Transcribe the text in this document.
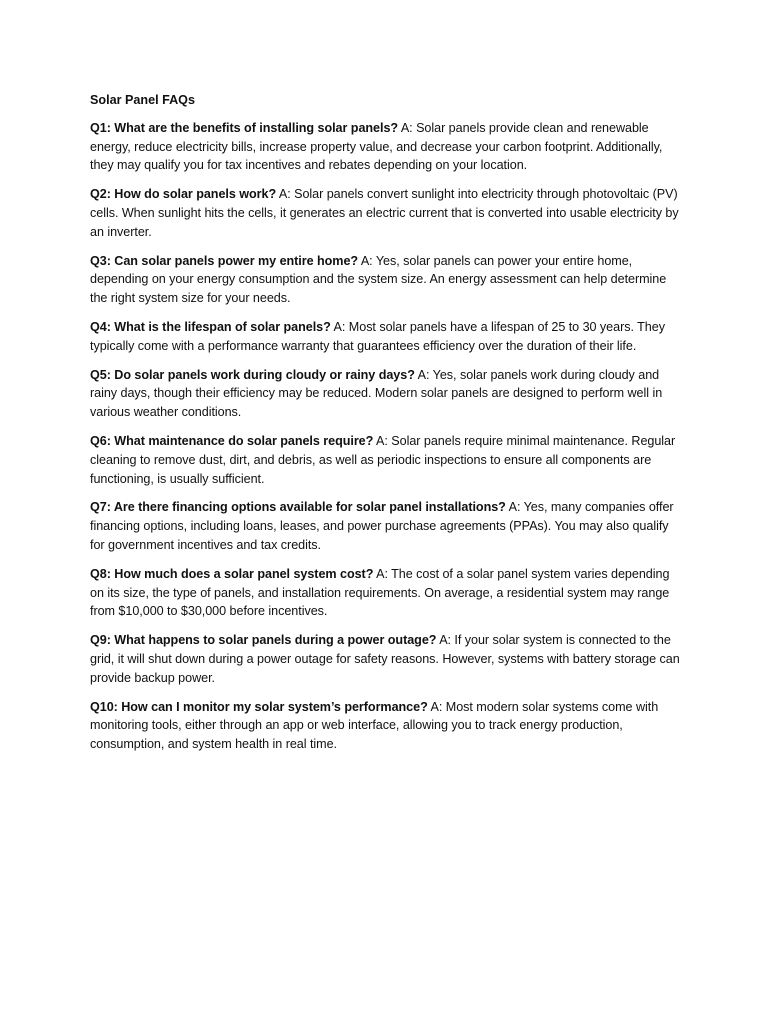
Solar Panel FAQs

Q1: What are the benefits of installing solar panels? A: Solar panels provide clean and renewable energy, reduce electricity bills, increase property value, and decrease your carbon footprint. Additionally, they may qualify you for tax incentives and rebates depending on your location.

Q2: How do solar panels work? A: Solar panels convert sunlight into electricity through photovoltaic (PV) cells. When sunlight hits the cells, it generates an electric current that is converted into usable electricity by an inverter.

Q3: Can solar panels power my entire home? A: Yes, solar panels can power your entire home, depending on your energy consumption and the system size. An energy assessment can help determine the right system size for your needs.

Q4: What is the lifespan of solar panels? A: Most solar panels have a lifespan of 25 to 30 years. They typically come with a performance warranty that guarantees efficiency over the duration of their life.

Q5: Do solar panels work during cloudy or rainy days? A: Yes, solar panels work during cloudy and rainy days, though their efficiency may be reduced. Modern solar panels are designed to perform well in various weather conditions.

Q6: What maintenance do solar panels require? A: Solar panels require minimal maintenance. Regular cleaning to remove dust, dirt, and debris, as well as periodic inspections to ensure all components are functioning, is usually sufficient.

Q7: Are there financing options available for solar panel installations? A: Yes, many companies offer financing options, including loans, leases, and power purchase agreements (PPAs). You may also qualify for government incentives and tax credits.

Q8: How much does a solar panel system cost? A: The cost of a solar panel system varies depending on its size, the type of panels, and installation requirements. On average, a residential system may range from $10,000 to $30,000 before incentives.

Q9: What happens to solar panels during a power outage? A: If your solar system is connected to the grid, it will shut down during a power outage for safety reasons. However, systems with battery storage can provide backup power.

Q10: How can I monitor my solar system’s performance? A: Most modern solar systems come with monitoring tools, either through an app or web interface, allowing you to track energy production, consumption, and system health in real time.
